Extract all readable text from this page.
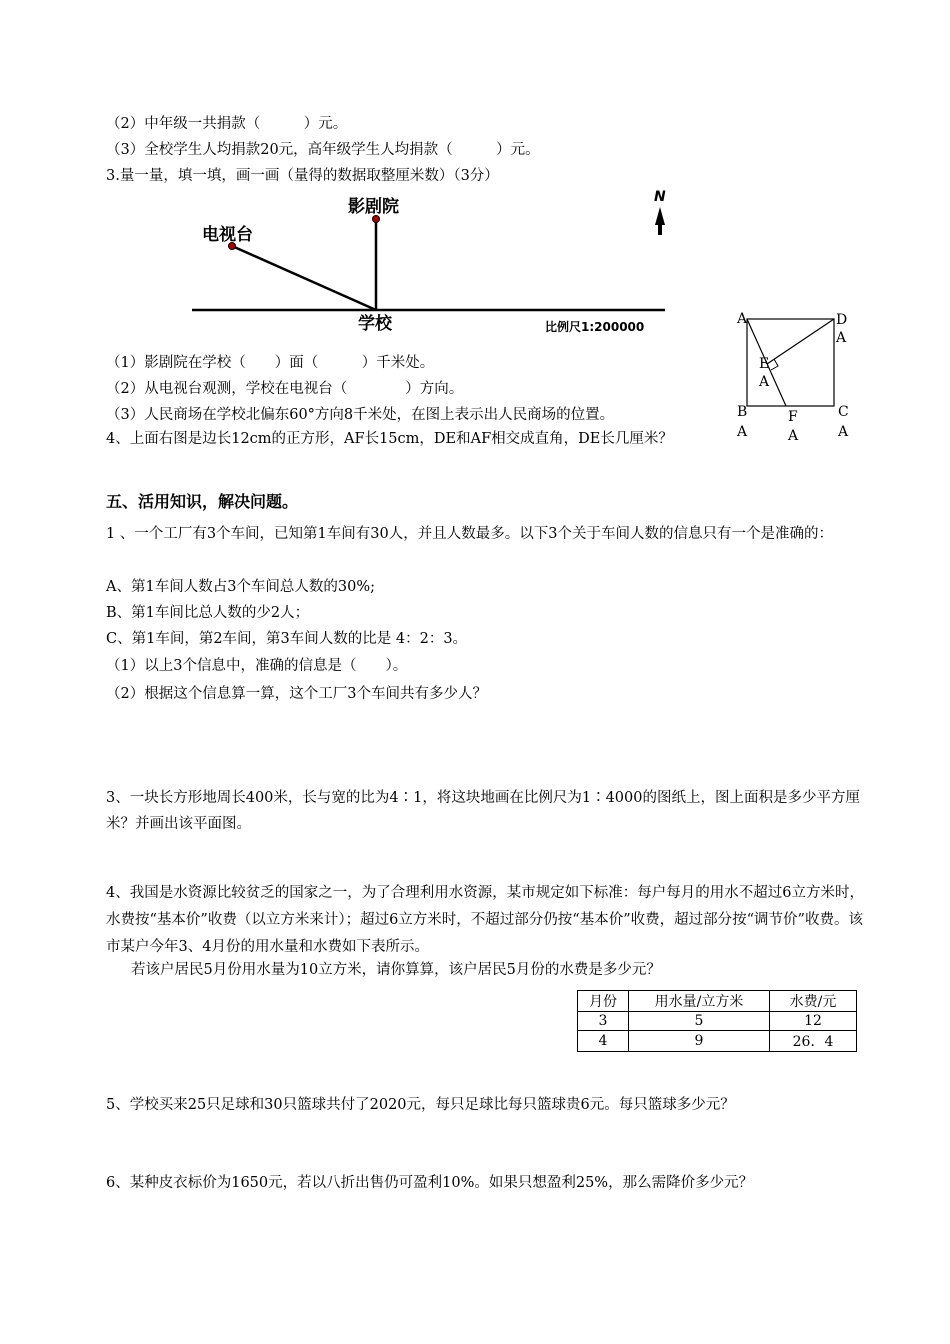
（2）中年级一共捐款（　　　）元。
（3）全校学生人均捐款20元，高年级学生人均捐款（　　　）元。
3.量一量，填一填，画一画（量得的数据取整厘米数）（3分）
电视台
影剧院
学校	比例尺1:200000
N
A	D
A
E
A
B
A
F
A
C
A
（1）影剧院在学校（　　）面（　　　）千米处。
（2）从电视台观测，学校在电视台（　　　　）方向。
（3）人民商场在学校北偏东60°方向8千米处，在图上表示出人民商场的位置。
4、上面右图是边长12cm的正方形，AF长15cm，DE和AF相交成直角，DE长几厘米？
五、活用知识，解决问题。
1 、一个工厂有3个车间，已知第1车间有30人，并且人数最多。以下3个关于车间人数的信息只有一个是准确的：
A、第1车间人数占3个车间总人数的30%;
B、第1车间比总人数的少2人；
C、第1车间，第2车间，第3车间人数的比是 4：2：3。
（1）以上3个信息中，准确的信息是（　　）。
（2）根据这个信息算一算，这个工厂3个车间共有多少人？
3、一块长方形地周长400米，长与宽的比为4∶1，将这块地画在比例尺为1∶4000的图纸上，图上面积是多少平方厘米？并画出该平面图。
4、我国是水资源比较贫乏的国家之一，为了合理利用水资源，某市规定如下标准：每户每月的用水不超过6立方米时，水费按“基本价”收费（以立方米来计）；超过6立方米时，不超过部分仍按“基本价”收费，超过部分按“调节价”收费。该市某户今年3、4月份的用水量和水费如下表所示。
若该户居民5月份用水量为10立方米，请你算算，该户居民5月份的水费是多少元？
月份	用水量/立方米	水费/元
3	5	12
4	9	26．4
5、学校买来25只足球和30只篮球共付了2020元，每只足球比每只篮球贵6元。每只篮球多少元？
6、某种皮衣标价为1650元，若以八折出售仍可盈利10%。如果只想盈利25%，那么需降价多少元？
